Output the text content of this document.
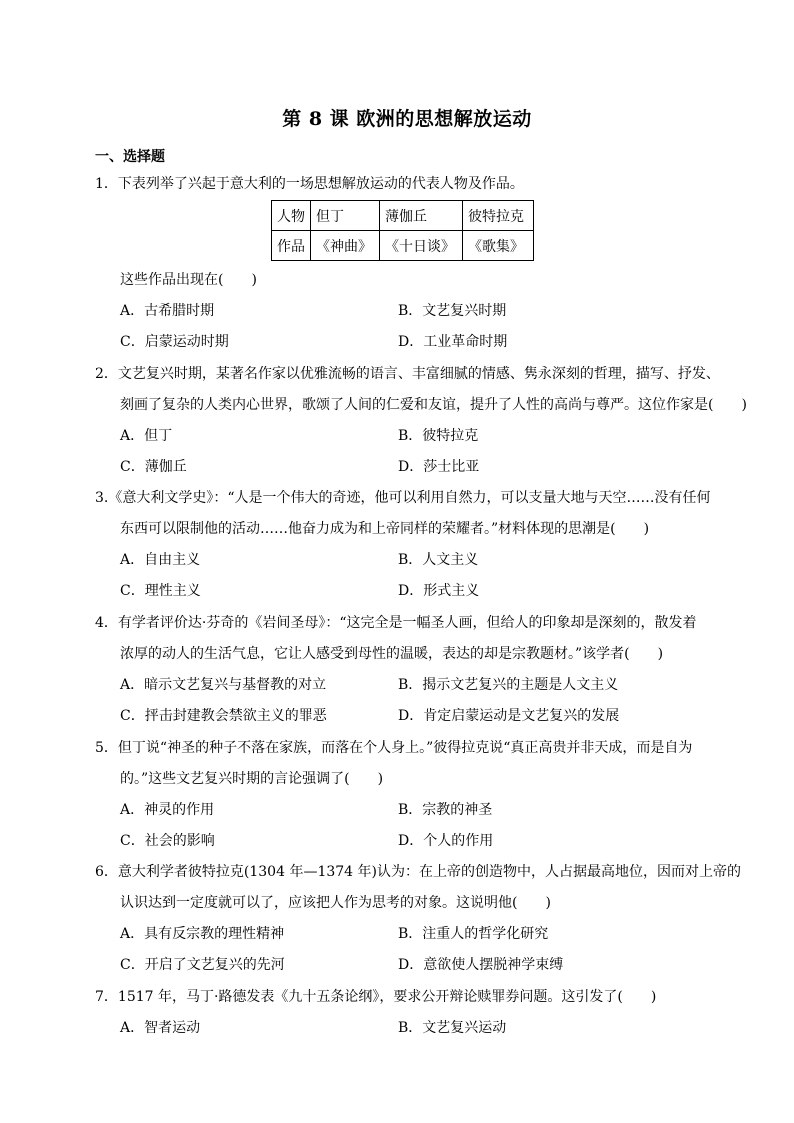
第 8 课 欧洲的思想解放运动
一、选择题
1．下表列举了兴起于意大利的一场思想解放运动的代表人物及作品。
人物	但丁	薄伽丘	彼特拉克
作品	《神曲》	《十日谈》	《歌集》
这些作品出现在(　　)
A．古希腊时期	B．文艺复兴时期
C．启蒙运动时期	D．工业革命时期
2．文艺复兴时期，某著名作家以优雅流畅的语言、丰富细腻的情感、隽永深刻的哲理，描写、抒发、
刻画了复杂的人类内心世界，歌颂了人间的仁爱和友谊，提升了人性的高尚与尊严。这位作家是(　　)
A．但丁	B．彼特拉克
C．薄伽丘	D．莎士比亚
3.《意大利文学史》：“人是一个伟大的奇迹，他可以利用自然力，可以支量大地与天空……没有任何
东西可以限制他的活动……他奋力成为和上帝同样的荣耀者。”材料体现的思潮是(　　)
A．自由主义	B．人文主义
C．理性主义	D．形式主义
4．有学者评价达·芬奇的《岩间圣母》：“这完全是一幅圣人画，但给人的印象却是深刻的，散发着
浓厚的动人的生活气息，它让人感受到母性的温暖，表达的却是宗教题材。”该学者(　　)
A．暗示文艺复兴与基督教的对立	B．揭示文艺复兴的主题是人文主义
C．抨击封建教会禁欲主义的罪恶	D．肯定启蒙运动是文艺复兴的发展
5．但丁说“神圣的种子不落在家族，而落在个人身上。”彼得拉克说“真正高贵并非天成，而是自为
的。”这些文艺复兴时期的言论强调了(　　)
A．神灵的作用	B．宗教的神圣
C．社会的影响	D．个人的作用
6．意大利学者彼特拉克(1304 年—1374 年)认为：在上帝的创造物中，人占据最高地位，因而对上帝的
认识达到一定度就可以了，应该把人作为思考的对象。这说明他(　　)
A．具有反宗教的理性精神	B．注重人的哲学化研究
C．开启了文艺复兴的先河	D．意欲使人摆脱神学束缚
7．1517 年，马丁·路德发表《九十五条论纲》，要求公开辩论赎罪券问题。这引发了(　　)
A．智者运动	B．文艺复兴运动
